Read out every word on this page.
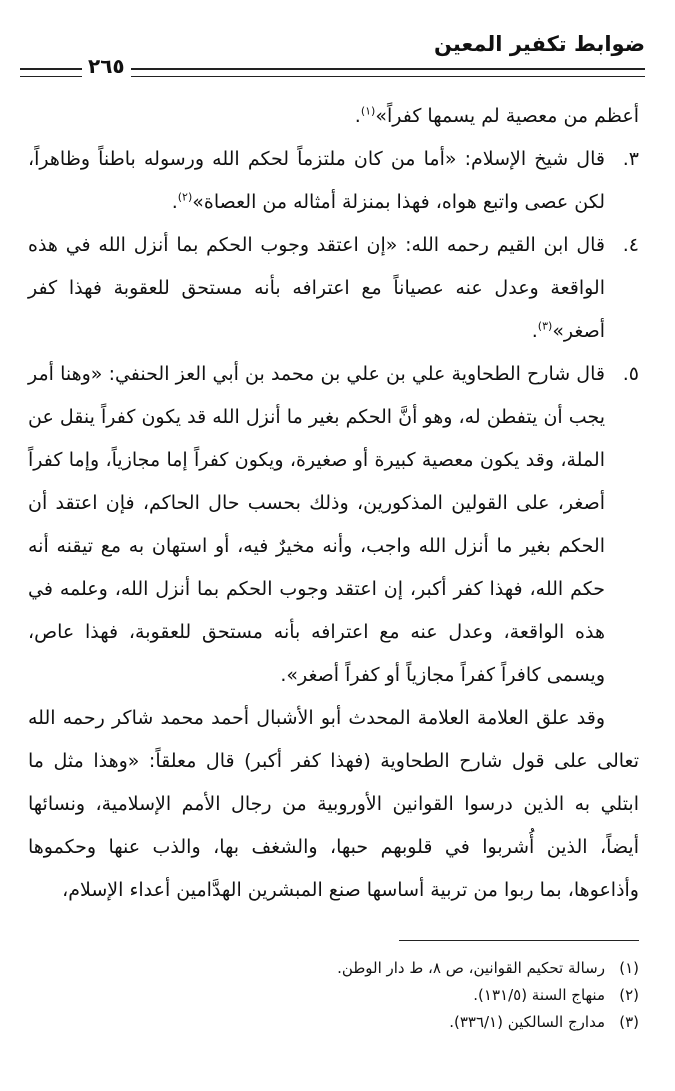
ضوابط تكفير المعين
٢٦٥

أعظم من معصية لم يسمها كفراً»$^{(١)}$.

٣.
قال شيخ الإسلام: «أما من كان ملتزماً لحكم الله ورسوله باطناً وظاهراً، لكن عصى واتبع هواه، فهذا بمنزلة أمثاله من العصاة»$^{(٢)}$.
٤.
قال ابن القيم رحمه الله: «إن اعتقد وجوب الحكم بما أنزل الله في هذه الواقعة وعدل عنه عصياناً مع اعترافه بأنه مستحق للعقوبة فهذا كفر أصغر»$^{(٣)}$.
٥.
قال شارح الطحاوية علي بن علي بن محمد بن أبي العز الحنفي: «وهنا أمر يجب أن يتفطن له، وهو أنَّ الحكم بغير ما أنزل الله قد يكون كفراً ينقل عن الملة، وقد يكون معصية كبيرة أو صغيرة، ويكون كفراً إما مجازياً، وإما كفراً أصغر، على القولين المذكورين، وذلك بحسب حال الحاكم، فإن اعتقد أن الحكم بغير ما أنزل الله واجب، وأنه مخيرٌ فيه، أو استهان به مع تيقنه أنه حكم الله، فهذا كفر أكبر، إن اعتقد وجوب الحكم بما أنزل الله، وعلمه في هذه الواقعة، وعدل عنه مع اعترافه بأنه مستحق للعقوبة، فهذا عاص، ويسمى كافراً كفراً مجازياً أو كفراً أصغر».

وقد علق العلامة العلامة المحدث أبو الأشبال أحمد محمد شاكر رحمه الله تعالى على قول شارح الطحاوية (فهذا كفر أكبر) قال معلقاً: «وهذا مثل ما ابتلي به الذين درسوا القوانين الأوروبية من رجال الأمم الإسلامية، ونسائها أيضاً، الذين أُشربوا في قلوبهم حبها، والشغف بها، والذب عنها وحكموها وأذاعوها، بما ربوا من تربية أساسها صنع المبشرين الهدَّامين أعداء الإسلام،

(١)
رسالة تحكيم القوانين، ص ٨، ط دار الوطن.
(٢)
منهاج السنة (١٣١/٥).
(٣)
مدارج السالكين (٣٣٦/١).
